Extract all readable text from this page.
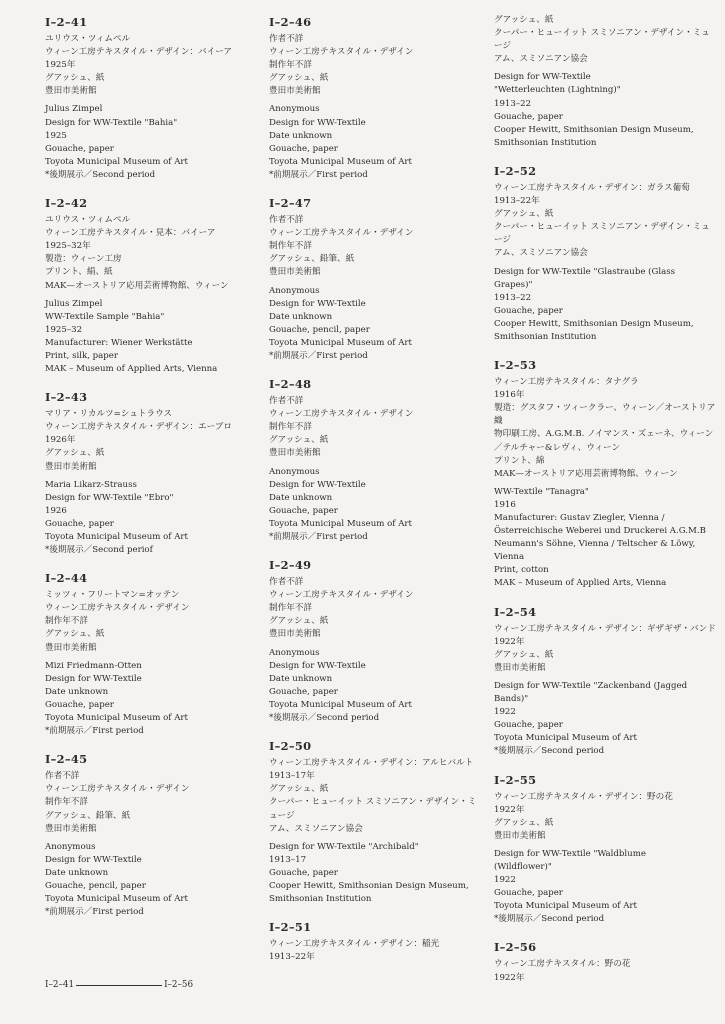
I–2–41
ユリウス・ツィムペル
ウィーン工房テキスタイル・デザイン：バイーア
1925年
グアッシュ、紙
豊田市美術館
Julius Zimpel
Design for WW-Textile "Bahia"
1925
Gouache, paper
Toyota Municipal Museum of Art
*後期展示／Second period
I–2–42
ユリウス・ツィムペル
ウィーン工房テキスタイル・見本：バイーア
1925–32年
製造：ウィーン工房
プリント、絹、紙
MAK—オーストリア応用芸術博物館、ウィーン
Julius Zimpel
WW-Textile Sample "Bahia"
1925–32
Manufacturer: Wiener Werkstätte
Print, silk, paper
MAK – Museum of Applied Arts, Vienna
I–2–43
マリア・リカルツ=シュトラウス
ウィーン工房テキスタイル・デザイン：エーブロ
1926年
グアッシュ、紙
豊田市美術館
Maria Likarz-Strauss
Design for WW-Textile "Ebro"
1926
Gouache, paper
Toyota Municipal Museum of Art
*後期展示／Second periof
I–2–44
ミッツィ・フリートマン=オッテン
ウィーン工房テキスタイル・デザイン
制作年不詳
グアッシュ、紙
豊田市美術館
Mizi Friedmann-Otten
Design for WW-Textile
Date unknown
Gouache, paper
Toyota Municipal Museum of Art
*前期展示／First period
I–2–45
作者不詳
ウィーン工房テキスタイル・デザイン
制作年不詳
グアッシュ、鉛筆、紙
豊田市美術館
Anonymous
Design for WW-Textile
Date unknown
Gouache, pencil, paper
Toyota Municipal Museum of Art
*前期展示／First period
I–2–46
作者不詳
ウィーン工房テキスタイル・デザイン
制作年不詳
グアッシュ、紙
豊田市美術館
Anonymous
Design for WW-Textile
Date unknown
Gouache, paper
Toyota Municipal Museum of Art
*前期展示／First period
I–2–47
作者不詳
ウィーン工房テキスタイル・デザイン
制作年不詳
グアッシュ、鉛筆、紙
豊田市美術館
Anonymous
Design for WW-Textile
Date unknown
Gouache, pencil, paper
Toyota Municipal Museum of Art
*前期展示／First period
I–2–48
作者不詳
ウィーン工房テキスタイル・デザイン
制作年不詳
グアッシュ、紙
豊田市美術館
Anonymous
Design for WW-Textile
Date unknown
Gouache, paper
Toyota Municipal Museum of Art
*前期展示／First period
I–2–49
作者不詳
ウィーン工房テキスタイル・デザイン
制作年不詳
グアッシュ、紙
豊田市美術館
Anonymous
Design for WW-Textile
Date unknown
Gouache, paper
Toyota Municipal Museum of Art
*後期展示／Second period
I–2–50
ウィーン工房テキスタイル・デザイン：アルヒバルト
1913–17年
グアッシュ、紙
クーパー・ヒューイット スミソニアン・デザイン・ミュージ
アム、スミソニアン協会
Design for WW-Textile "Archibald"
1913–17
Gouache, paper
Cooper Hewitt, Smithsonian Design Museum,
Smithsonian Institution
I–2–51
ウィーン工房テキスタイル・デザイン：稲光
1913–22年
グアッシュ、紙
クーパー・ヒューイット スミソニアン・デザイン・ミュージ
アム、スミソニアン協会
Design for WW-Textile
"Wetterleuchten (Lightning)"
1913–22
Gouache, paper
Cooper Hewitt, Smithsonian Design Museum,
Smithsonian Institution
I–2–52
ウィーン工房テキスタイル・デザイン：ガラス葡萄
1913–22年
グアッシュ、紙
クーパー・ヒューイット スミソニアン・デザイン・ミュージ
アム、スミソニアン協会
Design for WW-Textile "Glastraube (Glass
Grapes)"
1913–22
Gouache, paper
Cooper Hewitt, Smithsonian Design Museum,
Smithsonian Institution
I–2–53
ウィーン工房テキスタイル：タナグラ
1916年
製造：グスタフ・ツィークラー、ウィーン／オーストリア織
物印刷工房、A.G.M.B. ノイマンス・ズェーネ、ウィーン
／テルチャー&レヴィ、ウィーン
プリント、綿
MAK—オーストリア応用芸術博物館、ウィーン
WW-Textile "Tanagra"
1916
Manufacturer: Gustav Ziegler, Vienna /
Österreichische Weberei und Druckerei A.G.M.B
Neumann's Söhne, Vienna / Teltscher & Löwy,
Vienna
Print, cotton
MAK – Museum of Applied Arts, Vienna
I–2–54
ウィーン工房テキスタイル・デザイン：ギザギザ・バンド
1922年
グアッシュ、紙
豊田市美術館
Design for WW-Textile "Zackenband (Jagged
Bands)"
1922
Gouache, paper
Toyota Municipal Museum of Art
*後期展示／Second period
I–2–55
ウィーン工房テキスタイル・デザイン：野の花
1922年
グアッシュ、紙
豊田市美術館
Design for WW-Textile "Waldblume
(Wildflower)"
1922
Gouache, paper
Toyota Municipal Museum of Art
*後期展示／Second period
I–2–56
ウィーン工房テキスタイル：野の花
1922年
I–2–41	I–2–56
